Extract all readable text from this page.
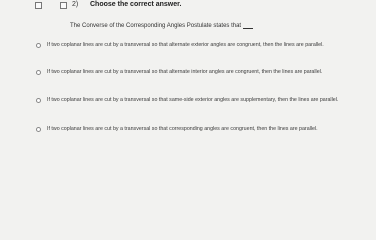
2) Choose the correct answer.
The Converse of the Corresponding Angles Postulate states that
If two coplanar lines are cut by a transversal so that alternate exterior angles are congruent, then the lines are parallel.
If two coplanar lines are cut by a transversal so that alternate interior angles are congruent, then the lines are parallel.
If two coplanar lines are cut by a transversal so that same-side exterior angles are supplementary, then the lines are parallel.
If two coplanar lines are cut by a transversal so that corresponding angles are congruent, then the lines are parallel.
